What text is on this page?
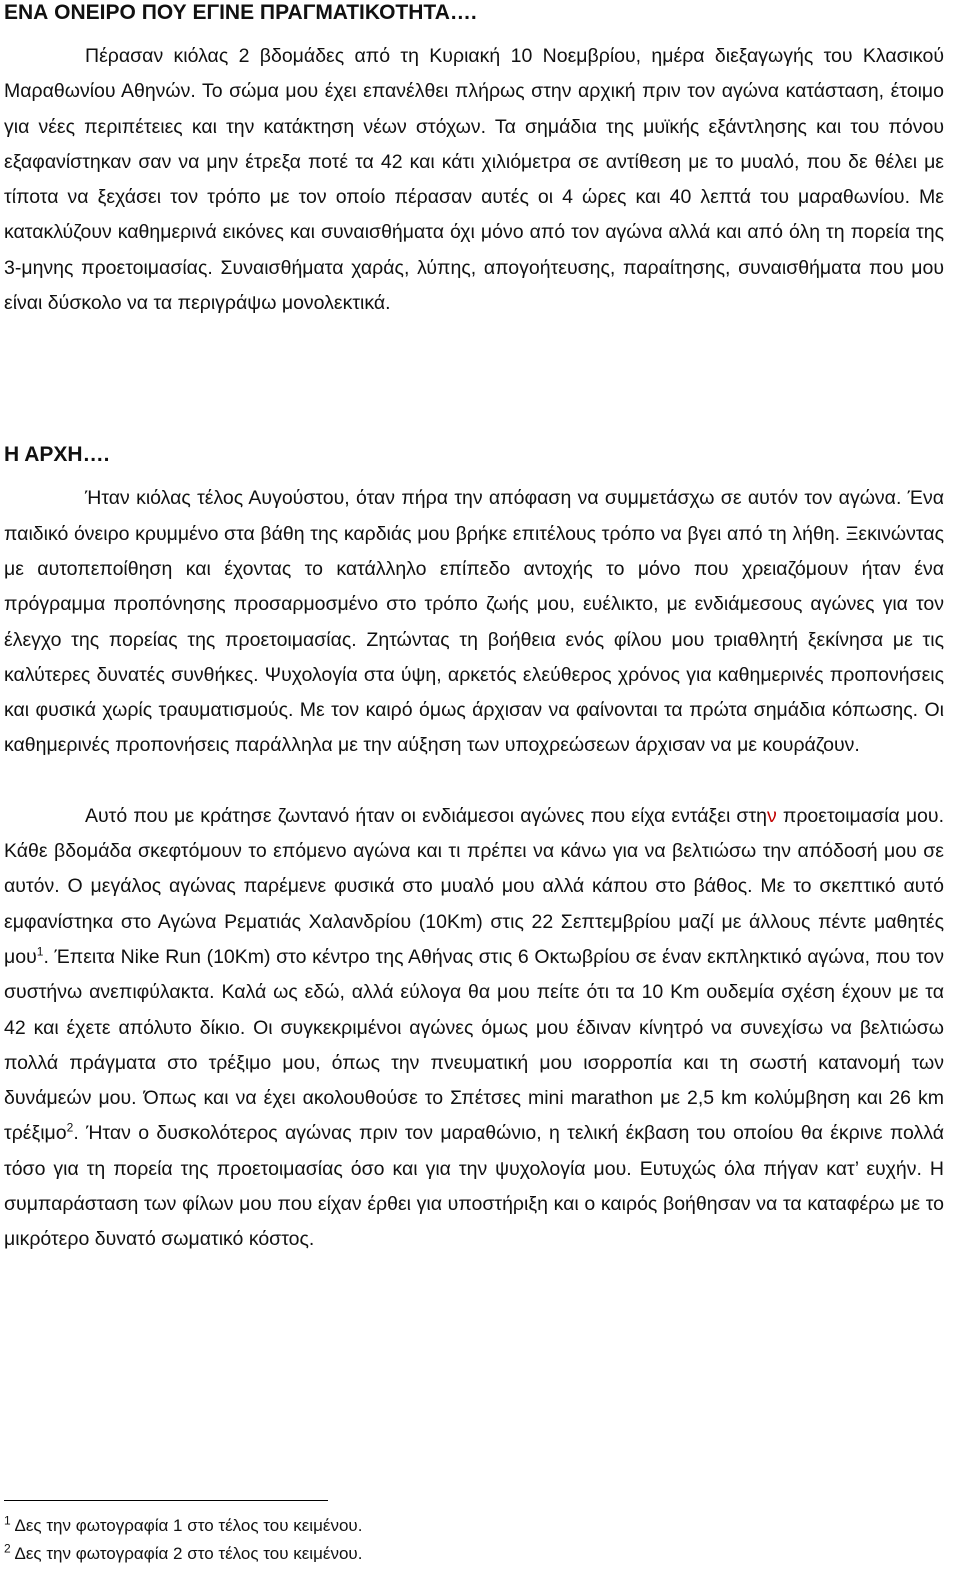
ΕΝΑ ΟΝΕΙΡΟ ΠΟΥ ΕΓΙΝΕ ΠΡΑΓΜΑΤΙΚΟΤΗΤΑ….

Πέρασαν κιόλας 2 βδομάδες από τη Κυριακή 10 Νοεμβρίου, ημέρα διεξαγωγής του Κλασικού Μαραθωνίου Αθηνών. Το σώμα μου έχει επανέλθει πλήρως στην αρχική πριν τον αγώνα κατάσταση, έτοιμο για νέες περιπέτειες και την κατάκτηση νέων στόχων. Τα σημάδια της μυϊκής εξάντλησης και του πόνου εξαφανίστηκαν σαν να μην έτρεξα ποτέ τα 42 και κάτι χιλιόμετρα σε αντίθεση με το μυαλό, που δε θέλει με τίποτα να ξεχάσει τον τρόπο με τον οποίο πέρασαν αυτές οι 4 ώρες και 40 λεπτά του μαραθωνίου. Με κατακλύζουν καθημερινά εικόνες και συναισθήματα όχι μόνο από τον αγώνα αλλά και από όλη τη πορεία της 3-μηνης προετοιμασίας. Συναισθήματα χαράς, λύπης, απογοήτευσης, παραίτησης, συναισθήματα που μου είναι δύσκολο να τα περιγράψω μονολεκτικά.

Η ΑΡΧΗ….

Ήταν κιόλας τέλος Αυγούστου, όταν πήρα την απόφαση να συμμετάσχω σε αυτόν τον αγώνα. Ένα παιδικό όνειρο κρυμμένο στα βάθη της καρδιάς μου βρήκε επιτέλους τρόπο να βγει από τη λήθη. Ξεκινώντας με αυτοπεποίθηση και έχοντας το κατάλληλο επίπεδο αντοχής το μόνο που χρειαζόμουν ήταν ένα πρόγραμμα προπόνησης προσαρμοσμένο στο τρόπο ζωής μου, ευέλικτο, με ενδιάμεσους αγώνες για τον έλεγχο της πορείας της προετοιμασίας. Ζητώντας τη βοήθεια ενός φίλου μου τριαθλητή ξεκίνησα με τις καλύτερες δυνατές συνθήκες. Ψυχολογία στα ύψη, αρκετός ελεύθερος χρόνος για καθημερινές προπονήσεις και φυσικά χωρίς τραυματισμούς. Με τον καιρό όμως άρχισαν να φαίνονται τα πρώτα σημάδια κόπωσης. Οι καθημερινές προπονήσεις παράλληλα με την αύξηση των υποχρεώσεων άρχισαν να με κουράζουν.

Αυτό που με κράτησε ζωντανό ήταν οι ενδιάμεσοι αγώνες που είχα εντάξει στην προετοιμασία μου. Κάθε βδομάδα σκεφτόμουν το επόμενο αγώνα και τι πρέπει να κάνω για να βελτιώσω την απόδοσή μου σε αυτόν. Ο μεγάλος αγώνας παρέμενε φυσικά στο μυαλό μου αλλά κάπου στο βάθος. Με το σκεπτικό αυτό εμφανίστηκα στο Αγώνα Ρεματιάς Χαλανδρίου (10Km) στις 22 Σεπτεμβρίου μαζί με άλλους πέντε μαθητές μου$^1$. Έπειτα Nike Run (10Km) στο κέντρο της Αθήνας στις 6 Οκτωβρίου σε έναν εκπληκτικό αγώνα, που τον συστήνω ανεπιφύλακτα. Καλά ως εδώ, αλλά εύλογα θα μου πείτε ότι τα 10 Km ουδεμία σχέση έχουν με τα 42 και έχετε απόλυτο δίκιο. Οι συγκεκριμένοι αγώνες όμως μου έδιναν κίνητρό να συνεχίσω να βελτιώσω πολλά πράγματα στο τρέξιμο μου, όπως την πνευματική μου ισορροπία και τη σωστή κατανομή των δυνάμεών μου. Όπως και να έχει ακολουθούσε το Σπέτσες mini marathon με 2,5 km κολύμβηση και 26 km τρέξιμο$^2$. Ήταν ο δυσκολότερος αγώνας πριν τον μαραθώνιο, η τελική έκβαση του οποίου θα έκρινε πολλά τόσο για τη πορεία της προετοιμασίας όσο και για την ψυχολογία μου. Ευτυχώς όλα πήγαν κατ’ ευχήν. Η συμπαράσταση των φίλων μου που είχαν έρθει για υποστήριξη και ο καιρός βοήθησαν να τα καταφέρω με το μικρότερο δυνατό σωματικό κόστος.

$^1$ Δες την φωτογραφία 1 στο τέλος του κειμένου.

$^2$ Δες την φωτογραφία 2 στο τέλος του κειμένου.
